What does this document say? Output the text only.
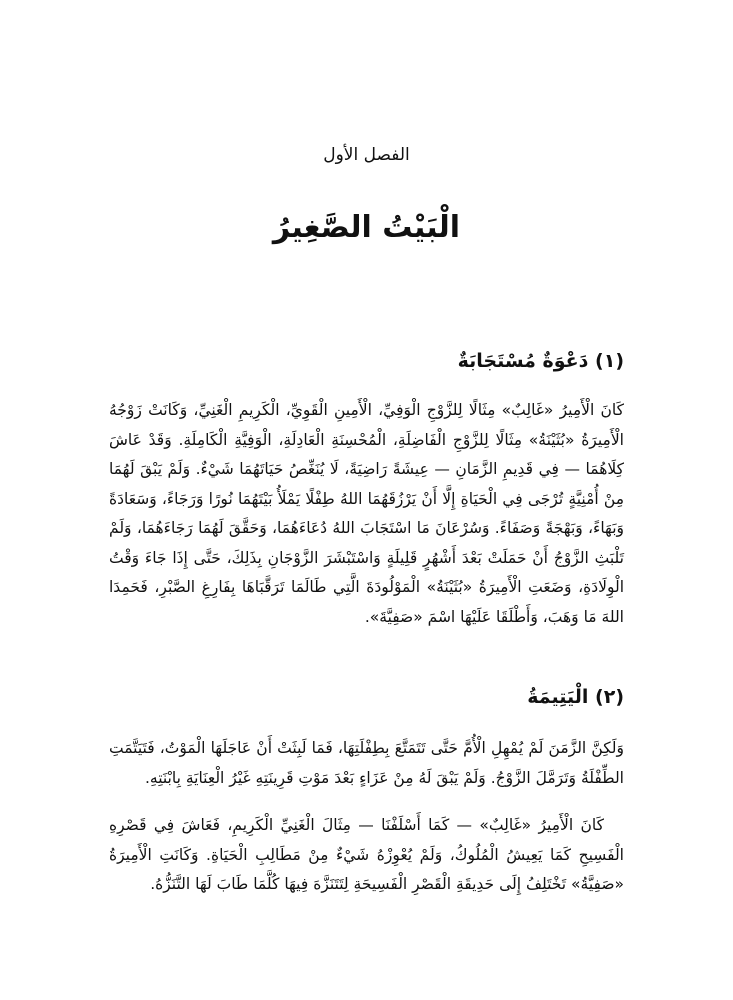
الفصل الأول
الْبَيْتُ الصَّغِيرُ
(١) دَعْوَةٌ مُسْتَجَابَةٌ
كَانَ الْأَمِيرُ «غَالِبٌ» مِثَالًا لِلزَّوْجِ الْوَفِيِّ، الْأَمِينِ الْقَوِيِّ، الْكَرِيمِ الْغَنِيِّ، وَكَانَتْ زَوْجُهُ الْأَمِيرَةُ «بُثَيْنَةُ» مِثَالًا لِلزَّوْجِ الْفَاضِلَةِ، الْمُحْسِنَةِ الْعَادِلَةِ، الْوَفِيَّةِ الْكَامِلَةِ. وَقَدْ عَاشَ كِلَاهُمَا — فِي قَدِيمِ الزَّمَانِ — عِيشَةً رَاضِيَةً، لَا يُنَغِّصُ حَيَاتَهُمَا شَيْءٌ. وَلَمْ يَبْقَ لَهُمَا مِنْ أُمْنِيَّةٍ تُرْجَى فِي الْحَيَاةِ إِلَّا أَنْ يَرْزُقَهُمَا اللهُ طِفْلًا يَمْلَأُ بَيْتَهُمَا نُورًا وَرَجَاءً، وَسَعَادَةً وَبَهَاءً، وَبَهْجَةً وَصَفَاءً. وَسُرْعَانَ مَا اسْتَجَابَ اللهُ دُعَاءَهُمَا، وَحَقَّقَ لَهُمَا رَجَاءَهُمَا، وَلَمْ تَلْبَثِ الزَّوْجُ أَنْ حَمَلَتْ بَعْدَ أَشْهُرٍ قَلِيلَةٍ وَاسْتَبْشَرَ الزَّوْجَانِ بِذَلِكَ، حَتَّى إِذَا جَاءَ وَقْتُ الْوِلَادَةِ، وَضَعَتِ الْأَمِيرَةُ «بُثَيْنَةُ» الْمَوْلُودَةَ الَّتِي طَالَمَا تَرَقَّبَاهَا بِفَارِغِ الصَّبْرِ، فَحَمِدَا اللهَ مَا وَهَبَ، وَأَطْلَقَا عَلَيْهَا اسْمَ «صَفِيَّةَ».
(٢) الْيَتِيمَةُ
وَلَكِنَّ الزَّمَنَ لَمْ يُمْهِلِ الْأُمَّ حَتَّى تَتَمَتَّعَ بِطِفْلَتِهَا، فَمَا لَبِثَتْ أَنْ عَاجَلَهَا الْمَوْتُ، فَتَيَتَّمَتِ الطِّفْلَةُ وَتَرَمَّلَ الزَّوْجُ. وَلَمْ يَبْقَ لَهُ مِنْ عَزَاءٍ بَعْدَ مَوْتِ قَرِينَتِهِ غَيْرُ الْعِنَايَةِ بِابْنَتِهِ.
كَانَ الْأَمِيرُ «غَالِبٌ» — كَمَا أَسْلَفْنَا — مِثَالَ الْغَنِيِّ الْكَرِيمِ، فَعَاشَ فِي قَصْرِهِ الْفَسِيحِ كَمَا يَعِيشُ الْمُلُوكُ، وَلَمْ يُعْوِزْهُ شَيْءٌ مِنْ مَطَالِبِ الْحَيَاةِ. وَكَانَتِ الْأَمِيرَةُ «صَفِيَّةُ» تَخْتَلِفُ إِلَى حَدِيقَةِ الْقَصْرِ الْفَسِيحَةِ لِتَتَنَزَّهَ فِيهَا كُلَّمَا طَابَ لَهَا التَّنَزُّهُ.
